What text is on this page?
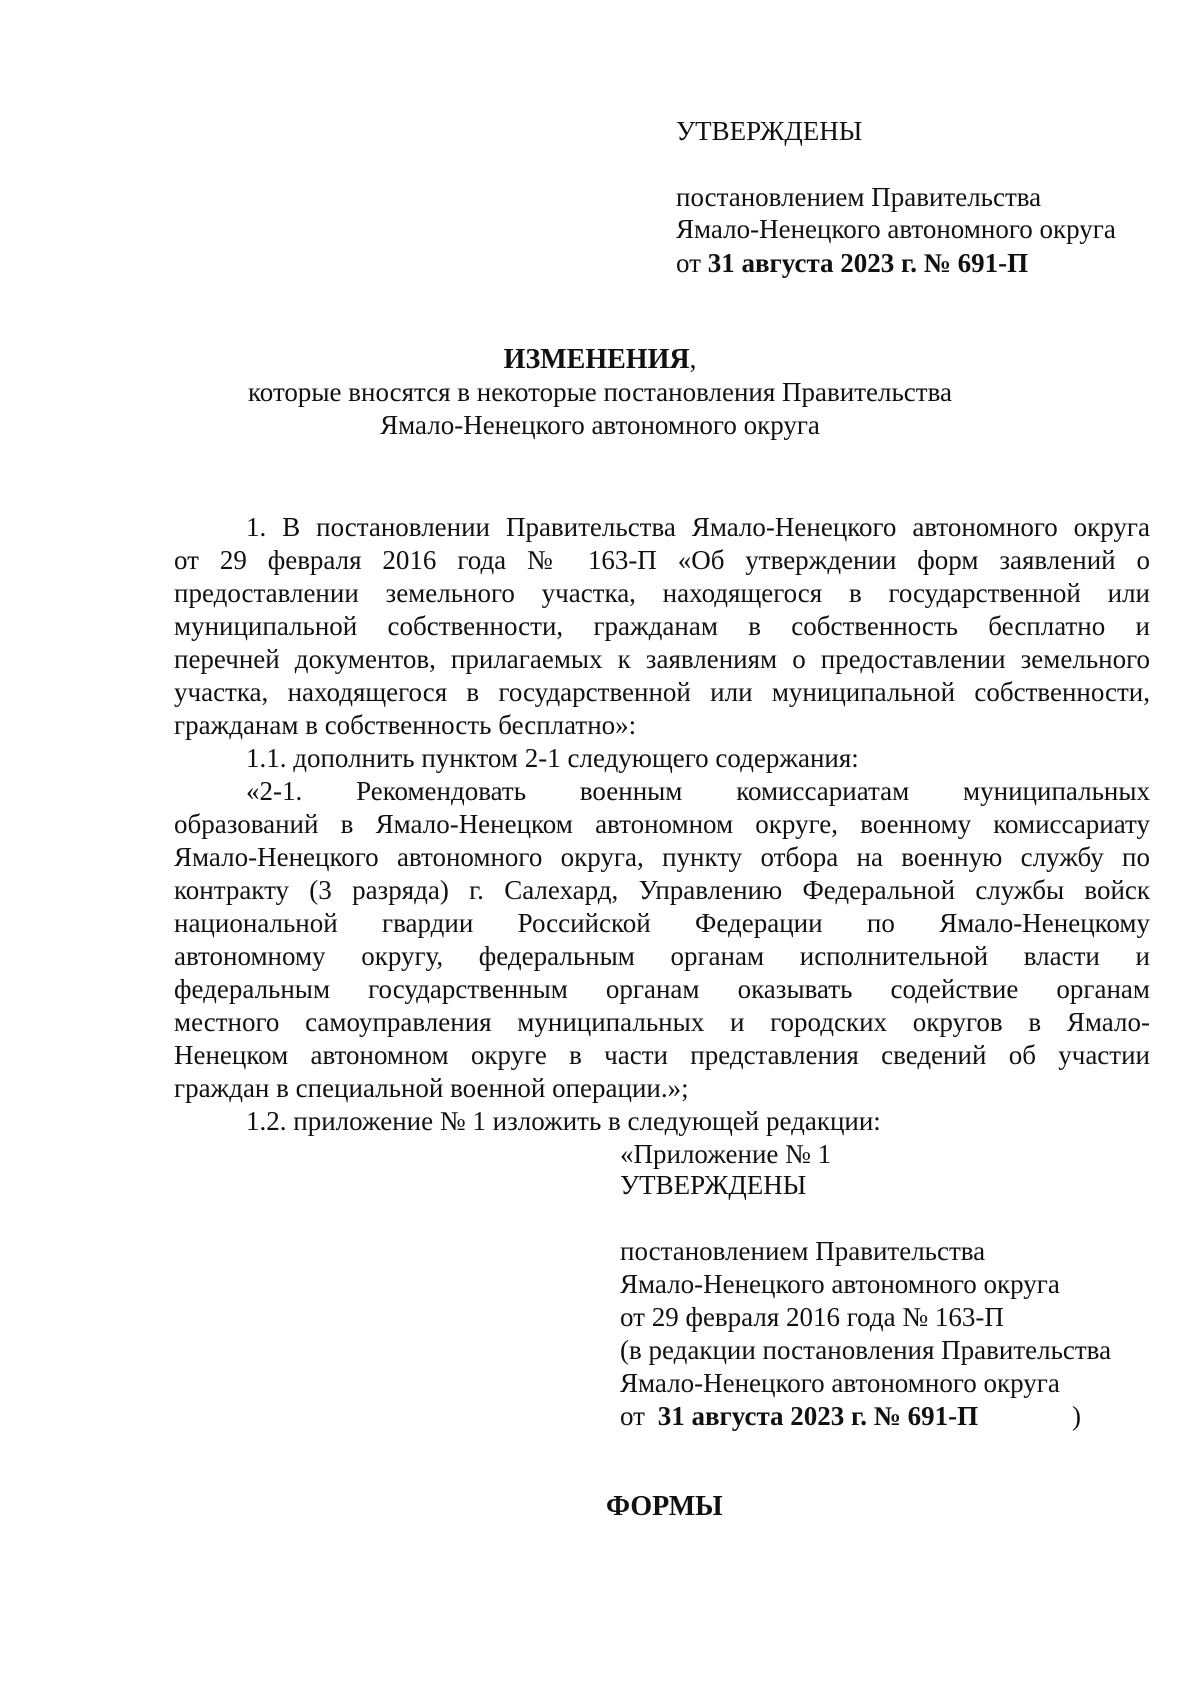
УТВЕРЖДЕНЫ
постановлением Правительства
Ямало-Ненецкого автономного округа
от 31 августа 2023 г. № 691-П
ИЗМЕНЕНИЯ,
которые вносятся в некоторые постановления Правительства
Ямало-Ненецкого автономного округа
1. В постановлении Правительства Ямало-Ненецкого автономного округа
от 29 февраля 2016 года № 163-П «Об утверждении форм заявлений о
предоставлении земельного участка, находящегося в государственной или
муниципальной собственности, гражданам в собственность бесплатно и
перечней документов, прилагаемых к заявлениям о предоставлении земельного
участка, находящегося в государственной или муниципальной собственности,
гражданам в собственность бесплатно»:
1.1. дополнить пунктом 2-1 следующего содержания:
«2-1. Рекомендовать военным комиссариатам муниципальных
образований в Ямало-Ненецком автономном округе, военному комиссариату
Ямало-Ненецкого автономного округа, пункту отбора на военную службу по
контракту (3 разряда) г. Салехард, Управлению Федеральной службы войск
национальной гвардии Российской Федерации по Ямало-Ненецкому
автономному округу, федеральным органам исполнительной власти и
федеральным государственным органам оказывать содействие органам
местного самоуправления муниципальных и городских округов в Ямало-
Ненецком автономном округе в части представления сведений об участии
граждан в специальной военной операции.»;
1.2. приложение № 1 изложить в следующей редакции:
«Приложение № 1
УТВЕРЖДЕНЫ
постановлением Правительства
Ямало-Ненецкого автономного округа
от 29 февраля 2016 года № 163-П
(в редакции постановления Правительства
Ямало-Ненецкого автономного округа
от 31 августа 2023 г. № 691-П	)
ФОРМЫ
